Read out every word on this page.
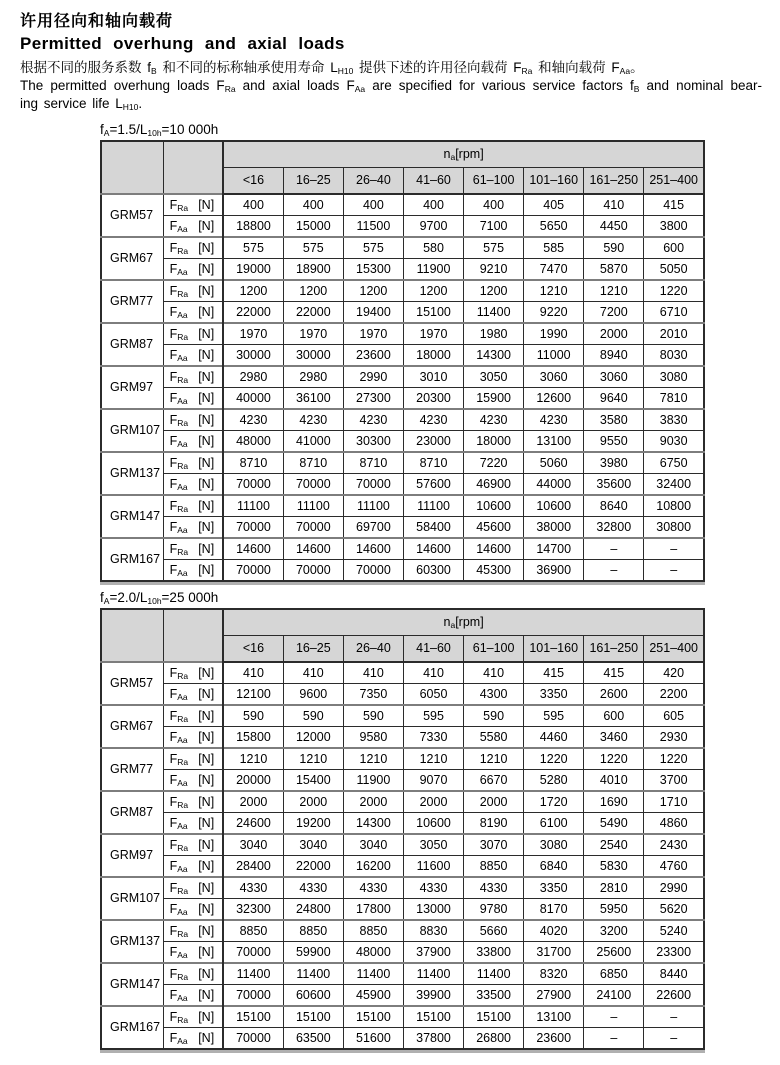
许用径向和轴向载荷
Permitted overhung and axial loads

根据不同的服务系数 $f_B$ 和不同的标称轴承使用寿命 $L_{H10}$ 提供下述的许用径向载荷 $F_{Ra}$ 和轴向载荷 $F_{Aa}$。

The permitted overhung loads $F_{Ra}$ and axial loads $F_{Aa}$ are specified for various service factors $f_B$ and nominal bear-

ing service life $L_{H10}$.

$f_A=1.5/L_{10h}=10$ 000h
		$n_a[rpm]$							
		<16	16–25	26–40	41–60	61–100	101–160	161–250	251–400
GRM57	$F_{Ra}$ [N]	400	400	400	400	400	405	410	415

	$F_{Aa}$ [N]	18800	15000	11500	9700	7100	5650	4450	3800
GRM67	$F_{Ra}$ [N]	575	575	575	580	575	585	590	600

	$F_{Aa}$ [N]	19000	18900	15300	11900	9210	7470	5870	5050
GRM77	$F_{Ra}$ [N]	1200	1200	1200	1200	1200	1210	1210	1220

	$F_{Aa}$ [N]	22000	22000	19400	15100	11400	9220	7200	6710
GRM87	$F_{Ra}$ [N]	1970	1970	1970	1970	1980	1990	2000	2010

	$F_{Aa}$ [N]	30000	30000	23600	18000	14300	11000	8940	8030
GRM97	$F_{Ra}$ [N]	2980	2980	2990	3010	3050	3060	3060	3080

	$F_{Aa}$ [N]	40000	36100	27300	20300	15900	12600	9640	7810
GRM107	$F_{Ra}$ [N]	4230	4230	4230	4230	4230	4230	3580	3830

	$F_{Aa}$ [N]	48000	41000	30300	23000	18000	13100	9550	9030
GRM137	$F_{Ra}$ [N]	8710	8710	8710	8710	7220	5060	3980	6750

	$F_{Aa}$ [N]	70000	70000	70000	57600	46900	44000	35600	32400
GRM147	$F_{Ra}$ [N]	11100	11100	11100	11100	10600	10600	8640	10800

	$F_{Aa}$ [N]	70000	70000	69700	58400	45600	38000	32800	30800
GRM167	$F_{Ra}$ [N]	14600	14600	14600	14600	14600	14700	–	–

	$F_{Aa}$ [N]	70000	70000	70000	60300	45300	36900	–	–
$f_A=2.0/L_{10h}=25$ 000h
		$n_a[rpm]$							
		<16	16–25	26–40	41–60	61–100	101–160	161–250	251–400
GRM57	$F_{Ra}$ [N]	410	410	410	410	410	415	415	420

	$F_{Aa}$ [N]	12100	9600	7350	6050	4300	3350	2600	2200
GRM67	$F_{Ra}$ [N]	590	590	590	595	590	595	600	605

	$F_{Aa}$ [N]	15800	12000	9580	7330	5580	4460	3460	2930
GRM77	$F_{Ra}$ [N]	1210	1210	1210	1210	1210	1220	1220	1220

	$F_{Aa}$ [N]	20000	15400	11900	9070	6670	5280	4010	3700
GRM87	$F_{Ra}$ [N]	2000	2000	2000	2000	2000	1720	1690	1710

	$F_{Aa}$ [N]	24600	19200	14300	10600	8190	6100	5490	4860
GRM97	$F_{Ra}$ [N]	3040	3040	3040	3050	3070	3080	2540	2430

	$F_{Aa}$ [N]	28400	22000	16200	11600	8850	6840	5830	4760
GRM107	$F_{Ra}$ [N]	4330	4330	4330	4330	4330	3350	2810	2990

	$F_{Aa}$ [N]	32300	24800	17800	13000	9780	8170	5950	5620
GRM137	$F_{Ra}$ [N]	8850	8850	8850	8830	5660	4020	3200	5240

	$F_{Aa}$ [N]	70000	59900	48000	37900	33800	31700	25600	23300
GRM147	$F_{Ra}$ [N]	11400	11400	11400	11400	11400	8320	6850	8440

	$F_{Aa}$ [N]	70000	60600	45900	39900	33500	27900	24100	22600
GRM167	$F_{Ra}$ [N]	15100	15100	15100	15100	15100	13100	–	–

	$F_{Aa}$ [N]	70000	63500	51600	37800	26800	23600	–	–
